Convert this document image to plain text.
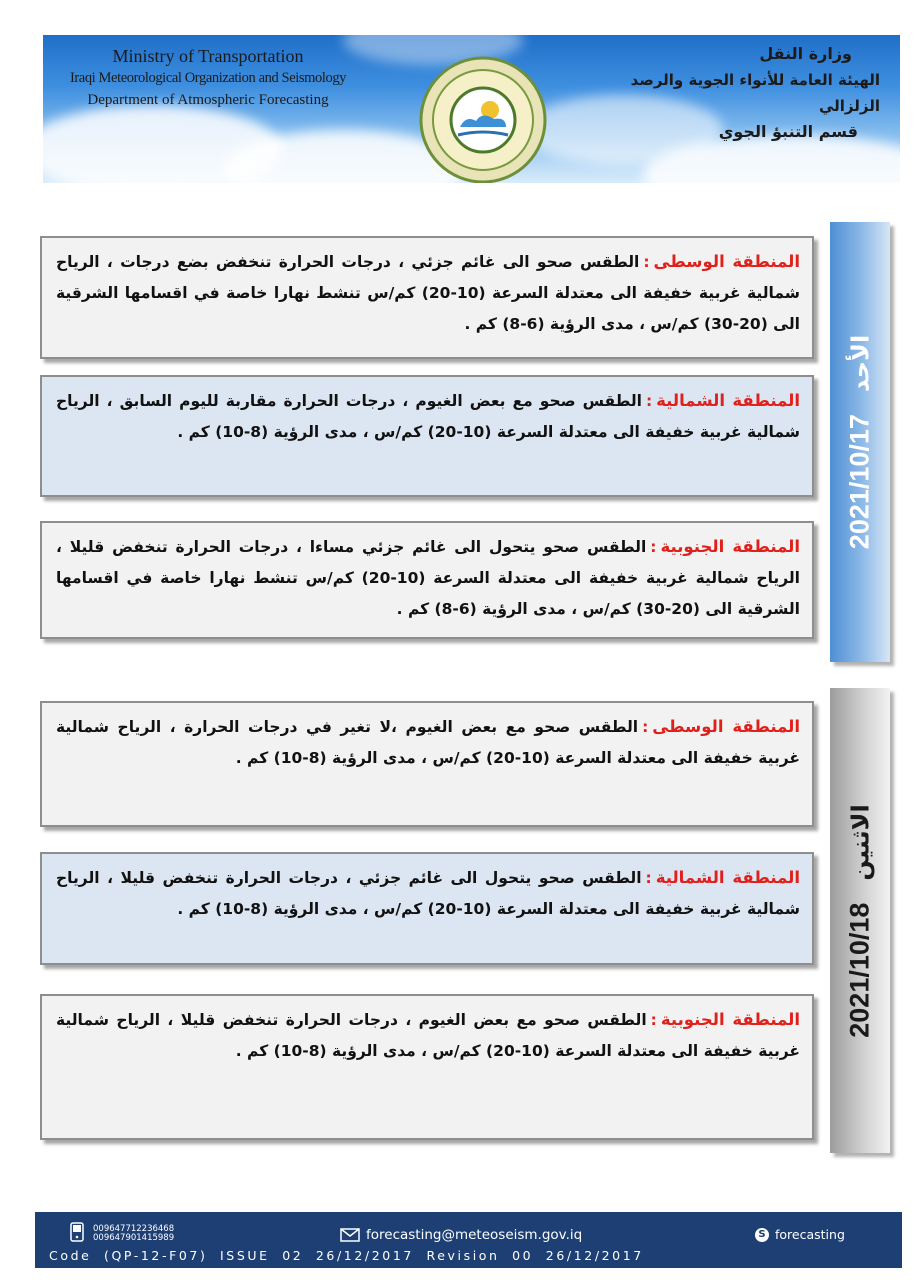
Ministry of Transportation
Iraqi Meteorological Organization and Seismology
Department of Atmospheric Forecasting
وزارة النقل
الهيئة العامة للأنواء الجوية والرصد الزلزالي
قسم التنبؤ الجوي
المنطقة الوسطى:الطقس صحو الى غائم جزئي ، درجات الحرارة تنخفض بضع درجات ، الرياح شمالية غربية خفيفة الى معتدلة السرعة (10-20) كم/س تنشط نهارا خاصة في اقسامها الشرقية الى (20-30) كم/س ، مدى الرؤية (6-8) كم .
المنطقة الشمالية:الطقس صحو مع بعض الغيوم ، درجات الحرارة مقاربة لليوم السابق ، الرياح شمالية غربية خفيفة الى معتدلة السرعة (10-20) كم/س ، مدى الرؤية (8-10) كم .
المنطقة الجنوبية:الطقس صحو يتحول الى غائم جزئي مساءا ، درجات الحرارة تنخفض قليلا ، الرياح شمالية غربية خفيفة الى معتدلة السرعة (10-20) كم/س تنشط نهارا خاصة في اقسامها الشرقية الى (20-30) كم/س ، مدى الرؤية (6-8) كم .
2021/10/17
الأحد
المنطقة الوسطى:الطقس صحو مع بعض الغيوم ،لا تغير في درجات الحرارة ، الرياح شمالية غربية خفيفة الى معتدلة السرعة (10-20) كم/س ، مدى الرؤية (8-10) كم .
المنطقة الشمالية:الطقس صحو يتحول الى غائم جزئي ، درجات الحرارة تنخفض قليلا ، الرياح شمالية غربية خفيفة الى معتدلة السرعة (10-20) كم/س ، مدى الرؤية (8-10) كم .
المنطقة الجنوبية:الطقس صحو مع بعض الغيوم ، درجات الحرارة تنخفض قليلا ، الرياح شمالية غربية خفيفة الى معتدلة السرعة (10-20) كم/س ، مدى الرؤية (8-10) كم .
2021/10/18
الاثنين
009647712236468
009647901415989	forecasting@meteoseism.gov.iq	S forecasting
Code (QP-12-F07) ISSUE 02 26/12/2017 Revision 00 26/12/2017
